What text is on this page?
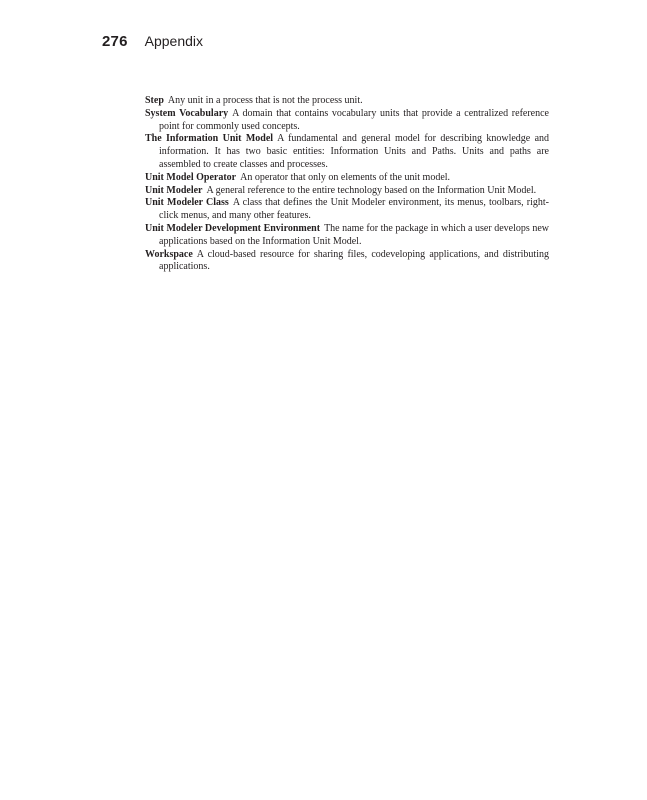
276 Appendix

Step Any unit in a process that is not the process unit.

System Vocabulary A domain that contains vocabulary units that provide a centralized reference point for commonly used concepts.

The Information Unit Model A fundamental and general model for describing knowledge and information. It has two basic entities: Information Units and Paths. Units and paths are assembled to create classes and processes.

Unit Model Operator An operator that only on elements of the unit model.

Unit Modeler A general reference to the entire technology based on the Information Unit Model.

Unit Modeler Class A class that defines the Unit Modeler environment, its menus, toolbars, right-click menus, and many other features.

Unit Modeler Development Environment The name for the package in which a user develops new applications based on the Information Unit Model.

Workspace A cloud-based resource for sharing files, codeveloping applications, and distributing applications.
